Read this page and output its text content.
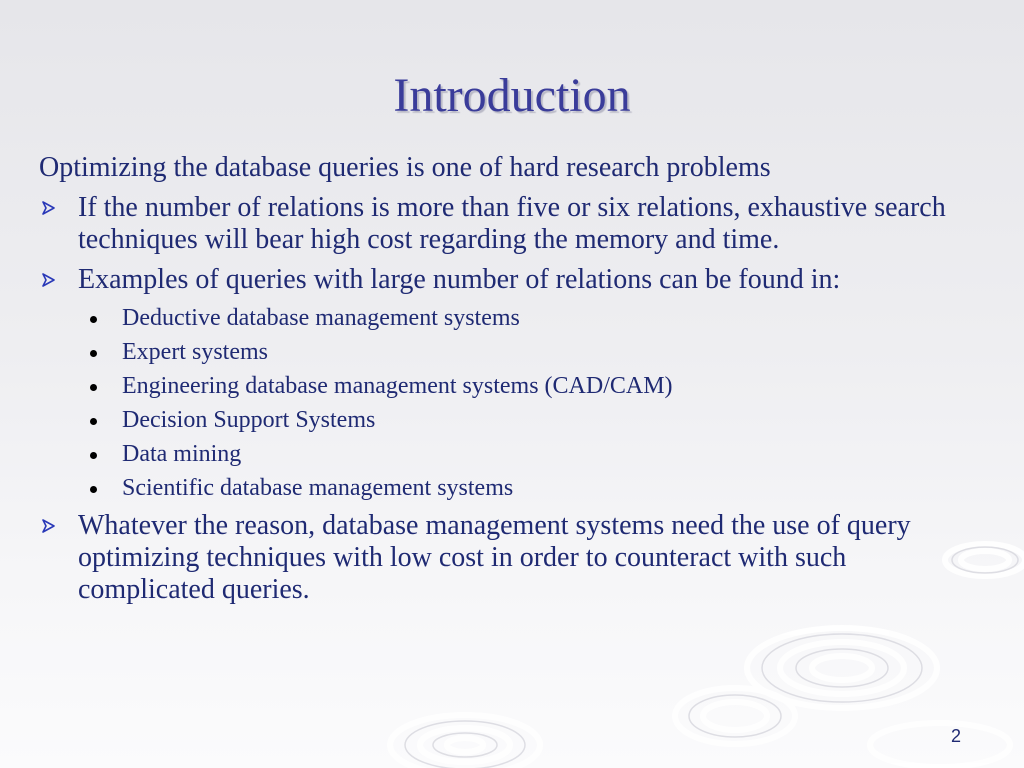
Introduction
Optimizing the database queries is one of hard research problems
If the number of relations is more than five or six relations, exhaustive search techniques will bear high cost regarding the memory and time.
Examples of queries with large number of relations can be found in:
Deductive database management systems
Expert systems
Engineering database management systems (CAD/CAM)
Decision Support Systems
Data mining
Scientific database management systems
Whatever the reason, database management systems need the use of query optimizing techniques with low cost in order to counteract with such complicated queries.
2
